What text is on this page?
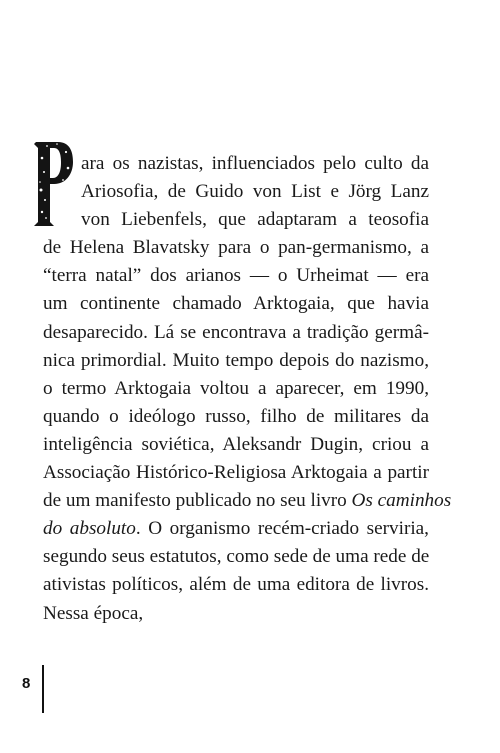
ara os nazistas, influenciados pelo culto da
Ariosofia, de Guido von List e Jörg Lanz
von Liebenfels, que adaptaram a teosofia
de Helena Blavatsky para o pan-germanismo, a
“terra natal” dos arianos — o Urheimat — era
um continente chamado Arktogaia, que havia
desaparecido. Lá se encontrava a tradição germâ-
nica primordial. Muito tempo depois do nazismo,
o termo Arktogaia voltou a aparecer, em 1990,
quando o ideólogo russo, filho de militares da
inteligência soviética, Aleksandr Dugin, criou a
Associação Histórico-Religiosa Arktogaia a partir
de um manifesto publicado no seu livro Os caminhos
do absoluto. O organismo recém-criado serviria,
segundo seus estatutos, como sede de uma rede de
ativistas políticos, além de uma editora de livros.
Nessa época,
8
